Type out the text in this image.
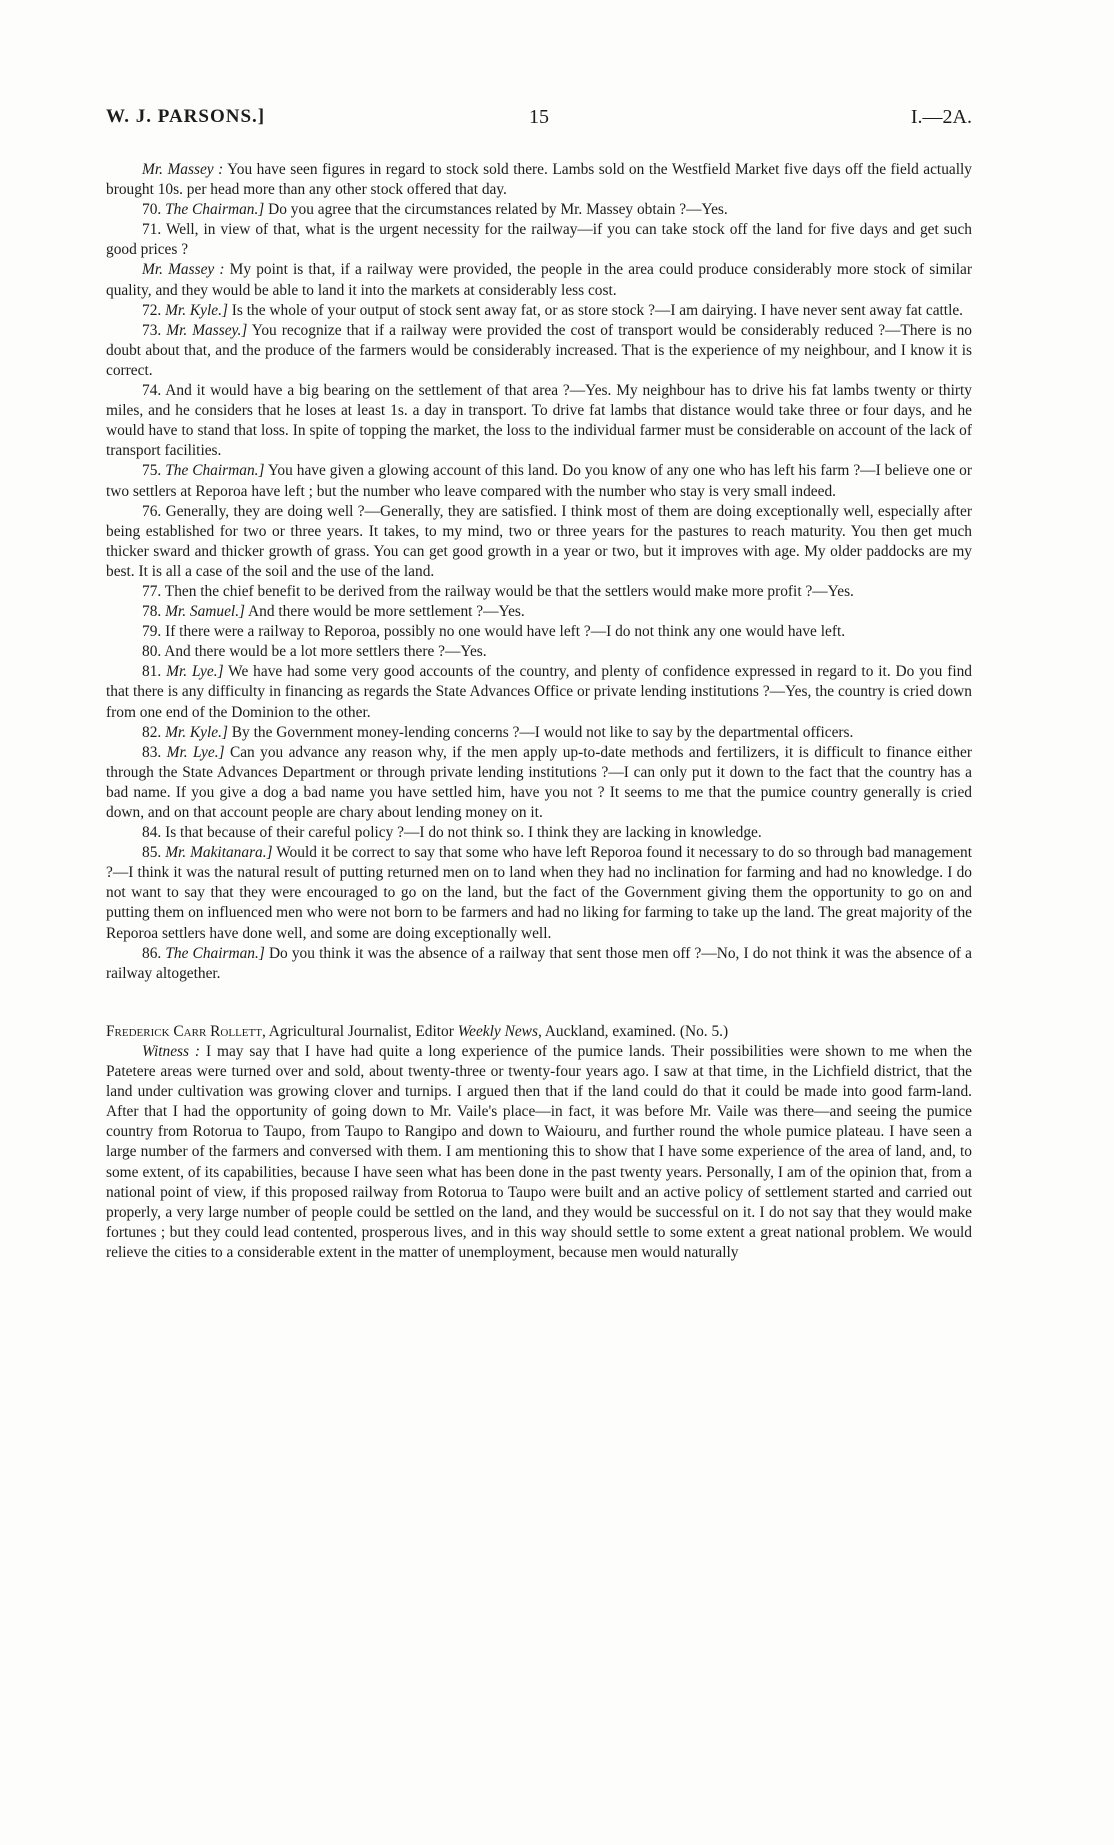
W. J. PARSONS.]	15	I.—2A.

Mr. Massey : You have seen figures in regard to stock sold there. Lambs sold on the Westfield Market five days off the field actually brought 10s. per head more than any other stock offered that day.

70. The Chairman.] Do you agree that the circumstances related by Mr. Massey obtain ?—Yes.

71. Well, in view of that, what is the urgent necessity for the railway—if you can take stock off the land for five days and get such good prices ?

Mr. Massey : My point is that, if a railway were provided, the people in the area could produce considerably more stock of similar quality, and they would be able to land it into the markets at considerably less cost.

72. Mr. Kyle.] Is the whole of your output of stock sent away fat, or as store stock ?—I am dairying. I have never sent away fat cattle.

73. Mr. Massey.] You recognize that if a railway were provided the cost of transport would be considerably reduced ?—There is no doubt about that, and the produce of the farmers would be considerably increased. That is the experience of my neighbour, and I know it is correct.

74. And it would have a big bearing on the settlement of that area ?—Yes. My neighbour has to drive his fat lambs twenty or thirty miles, and he considers that he loses at least 1s. a day in transport. To drive fat lambs that distance would take three or four days, and he would have to stand that loss. In spite of topping the market, the loss to the individual farmer must be considerable on account of the lack of transport facilities.

75. The Chairman.] You have given a glowing account of this land. Do you know of any one who has left his farm ?—I believe one or two settlers at Reporoa have left ; but the number who leave compared with the number who stay is very small indeed.

76. Generally, they are doing well ?—Generally, they are satisfied. I think most of them are doing exceptionally well, especially after being established for two or three years. It takes, to my mind, two or three years for the pastures to reach maturity. You then get much thicker sward and thicker growth of grass. You can get good growth in a year or two, but it improves with age. My older paddocks are my best. It is all a case of the soil and the use of the land.

77. Then the chief benefit to be derived from the railway would be that the settlers would make more profit ?—Yes.

78. Mr. Samuel.] And there would be more settlement ?—Yes.

79. If there were a railway to Reporoa, possibly no one would have left ?—I do not think any one would have left.

80. And there would be a lot more settlers there ?—Yes.

81. Mr. Lye.] We have had some very good accounts of the country, and plenty of confidence expressed in regard to it. Do you find that there is any difficulty in financing as regards the State Advances Office or private lending institutions ?—Yes, the country is cried down from one end of the Dominion to the other.

82. Mr. Kyle.] By the Government money-lending concerns ?—I would not like to say by the departmental officers.

83. Mr. Lye.] Can you advance any reason why, if the men apply up-to-date methods and fertilizers, it is difficult to finance either through the State Advances Department or through private lending institutions ?—I can only put it down to the fact that the country has a bad name. If you give a dog a bad name you have settled him, have you not ? It seems to me that the pumice country generally is cried down, and on that account people are chary about lending money on it.

84. Is that because of their careful policy ?—I do not think so. I think they are lacking in knowledge.

85. Mr. Makitanara.] Would it be correct to say that some who have left Reporoa found it necessary to do so through bad management ?—I think it was the natural result of putting returned men on to land when they had no inclination for farming and had no knowledge. I do not want to say that they were encouraged to go on the land, but the fact of the Government giving them the opportunity to go on and putting them on influenced men who were not born to be farmers and had no liking for farming to take up the land. The great majority of the Reporoa settlers have done well, and some are doing exceptionally well.

86. The Chairman.] Do you think it was the absence of a railway that sent those men off ?—No, I do not think it was the absence of a railway altogether.

Frederick Carr Rollett, Agricultural Journalist, Editor Weekly News, Auckland, examined. (No. 5.)

Witness : I may say that I have had quite a long experience of the pumice lands. Their possibilities were shown to me when the Patetere areas were turned over and sold, about twenty-three or twenty-four years ago. I saw at that time, in the Lichfield district, that the land under cultivation was growing clover and turnips. I argued then that if the land could do that it could be made into good farm-land. After that I had the opportunity of going down to Mr. Vaile's place—in fact, it was before Mr. Vaile was there—and seeing the pumice country from Rotorua to Taupo, from Taupo to Rangipo and down to Waiouru, and further round the whole pumice plateau. I have seen a large number of the farmers and conversed with them. I am mentioning this to show that I have some experience of the area of land, and, to some extent, of its capabilities, because I have seen what has been done in the past twenty years. Personally, I am of the opinion that, from a national point of view, if this proposed railway from Rotorua to Taupo were built and an active policy of settlement started and carried out properly, a very large number of people could be settled on the land, and they would be successful on it. I do not say that they would make fortunes ; but they could lead contented, prosperous lives, and in this way should settle to some extent a great national problem. We would relieve the cities to a considerable extent in the matter of unemployment, because men would naturally
